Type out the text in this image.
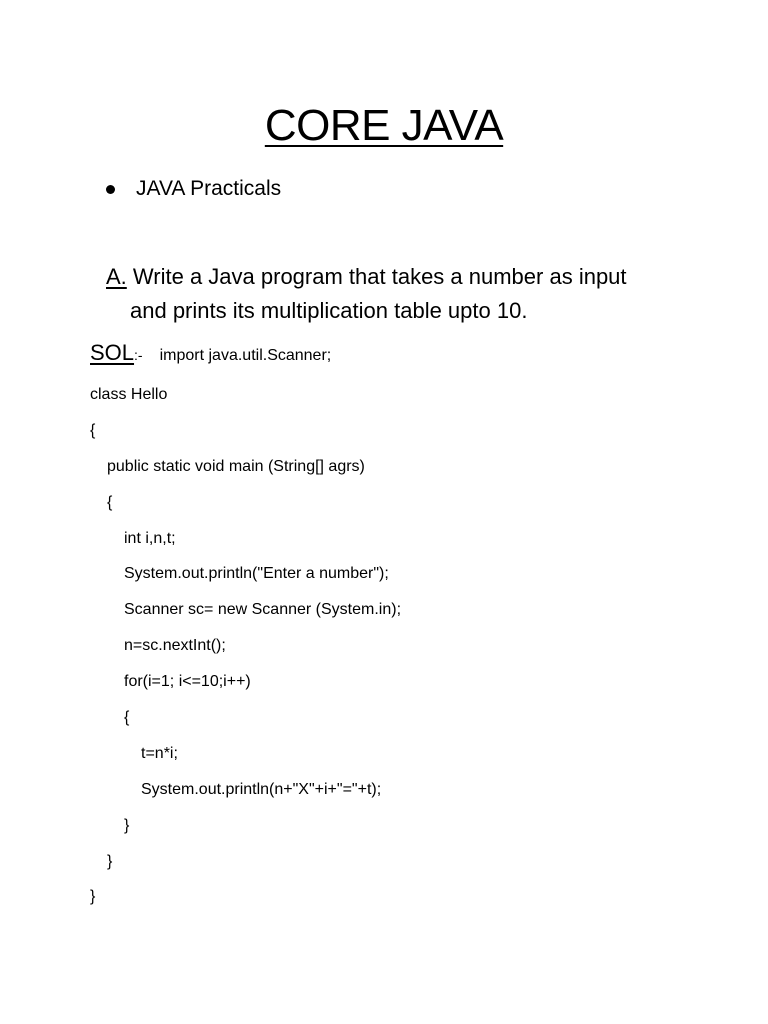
CORE JAVA
JAVA Practicals
A. Write a Java program that takes a number as input
and prints its multiplication table upto 10.
SOL :- import java.util.Scanner;
class Hello
{
public static void main (String[] agrs)
{
int i,n,t;
System.out.println("Enter a number");
Scanner sc= new Scanner (System.in);
n=sc.nextInt();
for(i=1; i<=10;i++)
{
t=n*i;
System.out.println(n+"X"+i+"="+t);
}
}
}
